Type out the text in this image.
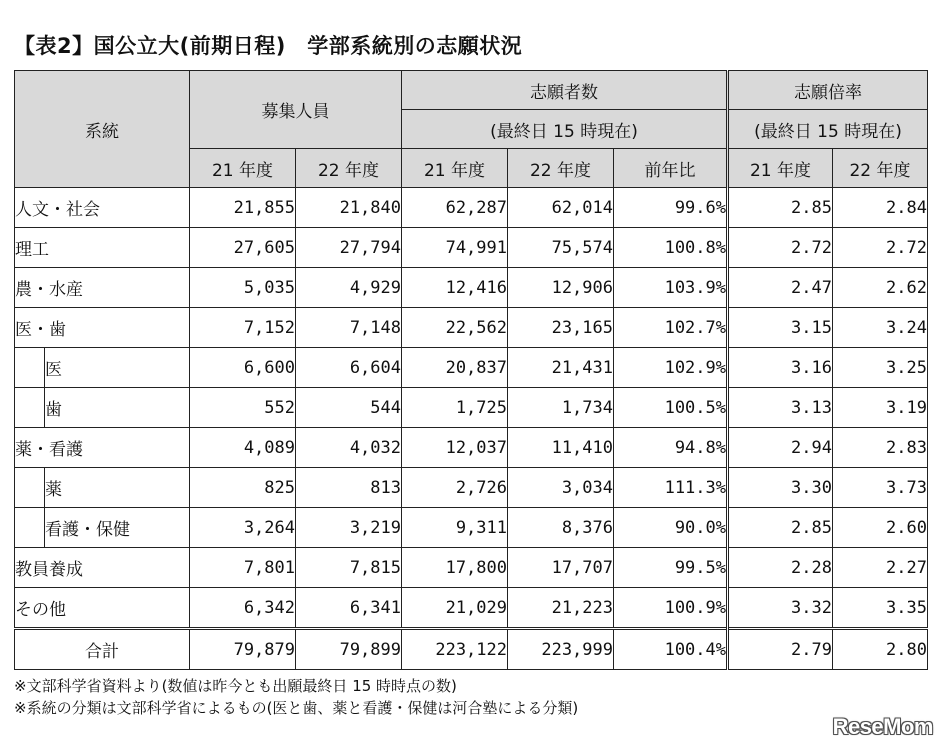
【表2】国公立大(前期日程)　学部系統別の志願状況
系統		募集人員		志願者数			志願倍率	
				(最終日 15 時現在)			(最終日 15 時現在)	
		21 年度	22 年度	21 年度	22 年度	前年比	21 年度	22 年度
人文・社会		21,855	21,840	62,287	62,014	99.6%	2.85	2.84
理工		27,605	27,794	74,991	75,574	100.8%	2.72	2.72
農・水産		5,035	4,929	12,416	12,906	103.9%	2.47	2.62
医・歯		7,152	7,148	22,562	23,165	102.7%	3.15	3.24
	医	6,600	6,604	20,837	21,431	102.9%	3.16	3.25
	歯	552	544	1,725	1,734	100.5%	3.13	3.19
薬・看護		4,089	4,032	12,037	11,410	94.8%	2.94	2.83
	薬	825	813	2,726	3,034	111.3%	3.30	3.73
	看護・保健	3,264	3,219	9,311	8,376	90.0%	2.85	2.60
教員養成		7,801	7,815	17,800	17,707	99.5%	2.28	2.27
その他		6,342	6,341	21,029	21,223	100.9%	3.32	3.35
合計		79,879	79,899	223,122	223,999	100.4%	2.79	2.80
※文部科学省資料より(数値は昨今とも出願最終日 15 時時点の数)
※系統の分類は文部科学省によるもの(医と歯、薬と看護・保健は河合塾による分類)
ReseMom
